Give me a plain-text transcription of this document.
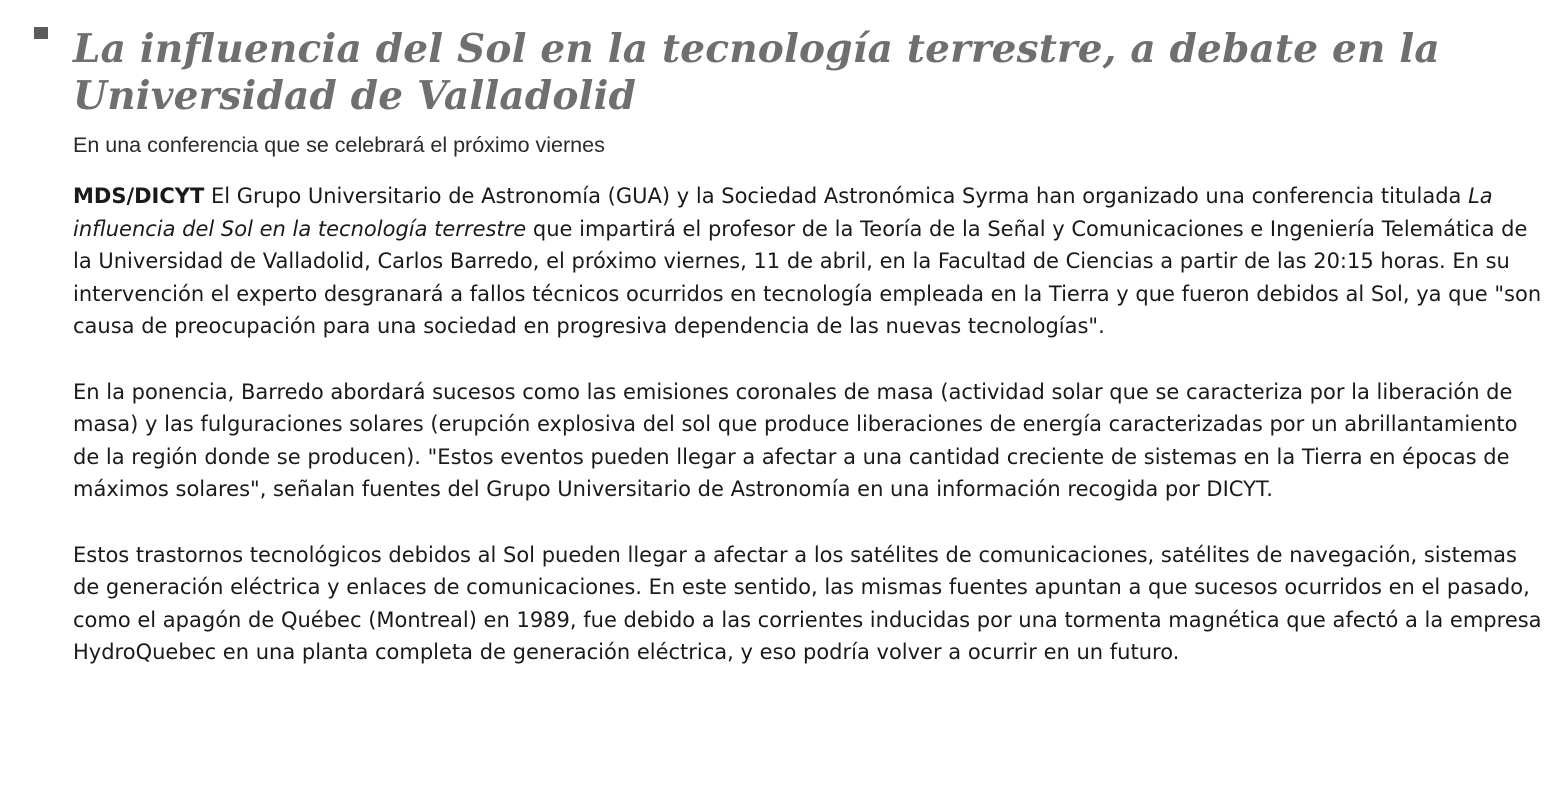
La influencia del Sol en la tecnología terrestre, a debate en la Universidad de Valladolid

En una conferencia que se celebrará el próximo viernes

MDS/DICYT El Grupo Universitario de Astronomía (GUA) y la Sociedad Astronómica Syrma han organizado una conferencia titulada La influencia del Sol en la tecnología terrestre que impartirá el profesor de la Teoría de la Señal y Comunicaciones e Ingeniería Telemática de la Universidad de Valladolid, Carlos Barredo, el próximo viernes, 11 de abril, en la Facultad de Ciencias a partir de las 20:15 horas. En su intervención el experto desgranará a fallos técnicos ocurridos en tecnología empleada en la Tierra y que fueron debidos al Sol, ya que "son causa de preocupación para una sociedad en progresiva dependencia de las nuevas tecnologías".

En la ponencia, Barredo abordará sucesos como las emisiones coronales de masa (actividad solar que se caracteriza por la liberación de masa) y las fulguraciones solares (erupción explosiva del sol que produce liberaciones de energía caracterizadas por un abrillantamiento de la región donde se producen). "Estos eventos pueden llegar a afectar a una cantidad creciente de sistemas en la Tierra en épocas de máximos solares", señalan fuentes del Grupo Universitario de Astronomía en una información recogida por DICYT.

Estos trastornos tecnológicos debidos al Sol pueden llegar a afectar a los satélites de comunicaciones, satélites de navegación, sistemas de generación eléctrica y enlaces de comunicaciones. En este sentido, las mismas fuentes apuntan a que sucesos ocurridos en el pasado, como el apagón de Québec (Montreal) en 1989, fue debido a las corrientes inducidas por una tormenta magnética que afectó a la empresa HydroQuebec en una planta completa de generación eléctrica, y eso podría volver a ocurrir en un futuro.
